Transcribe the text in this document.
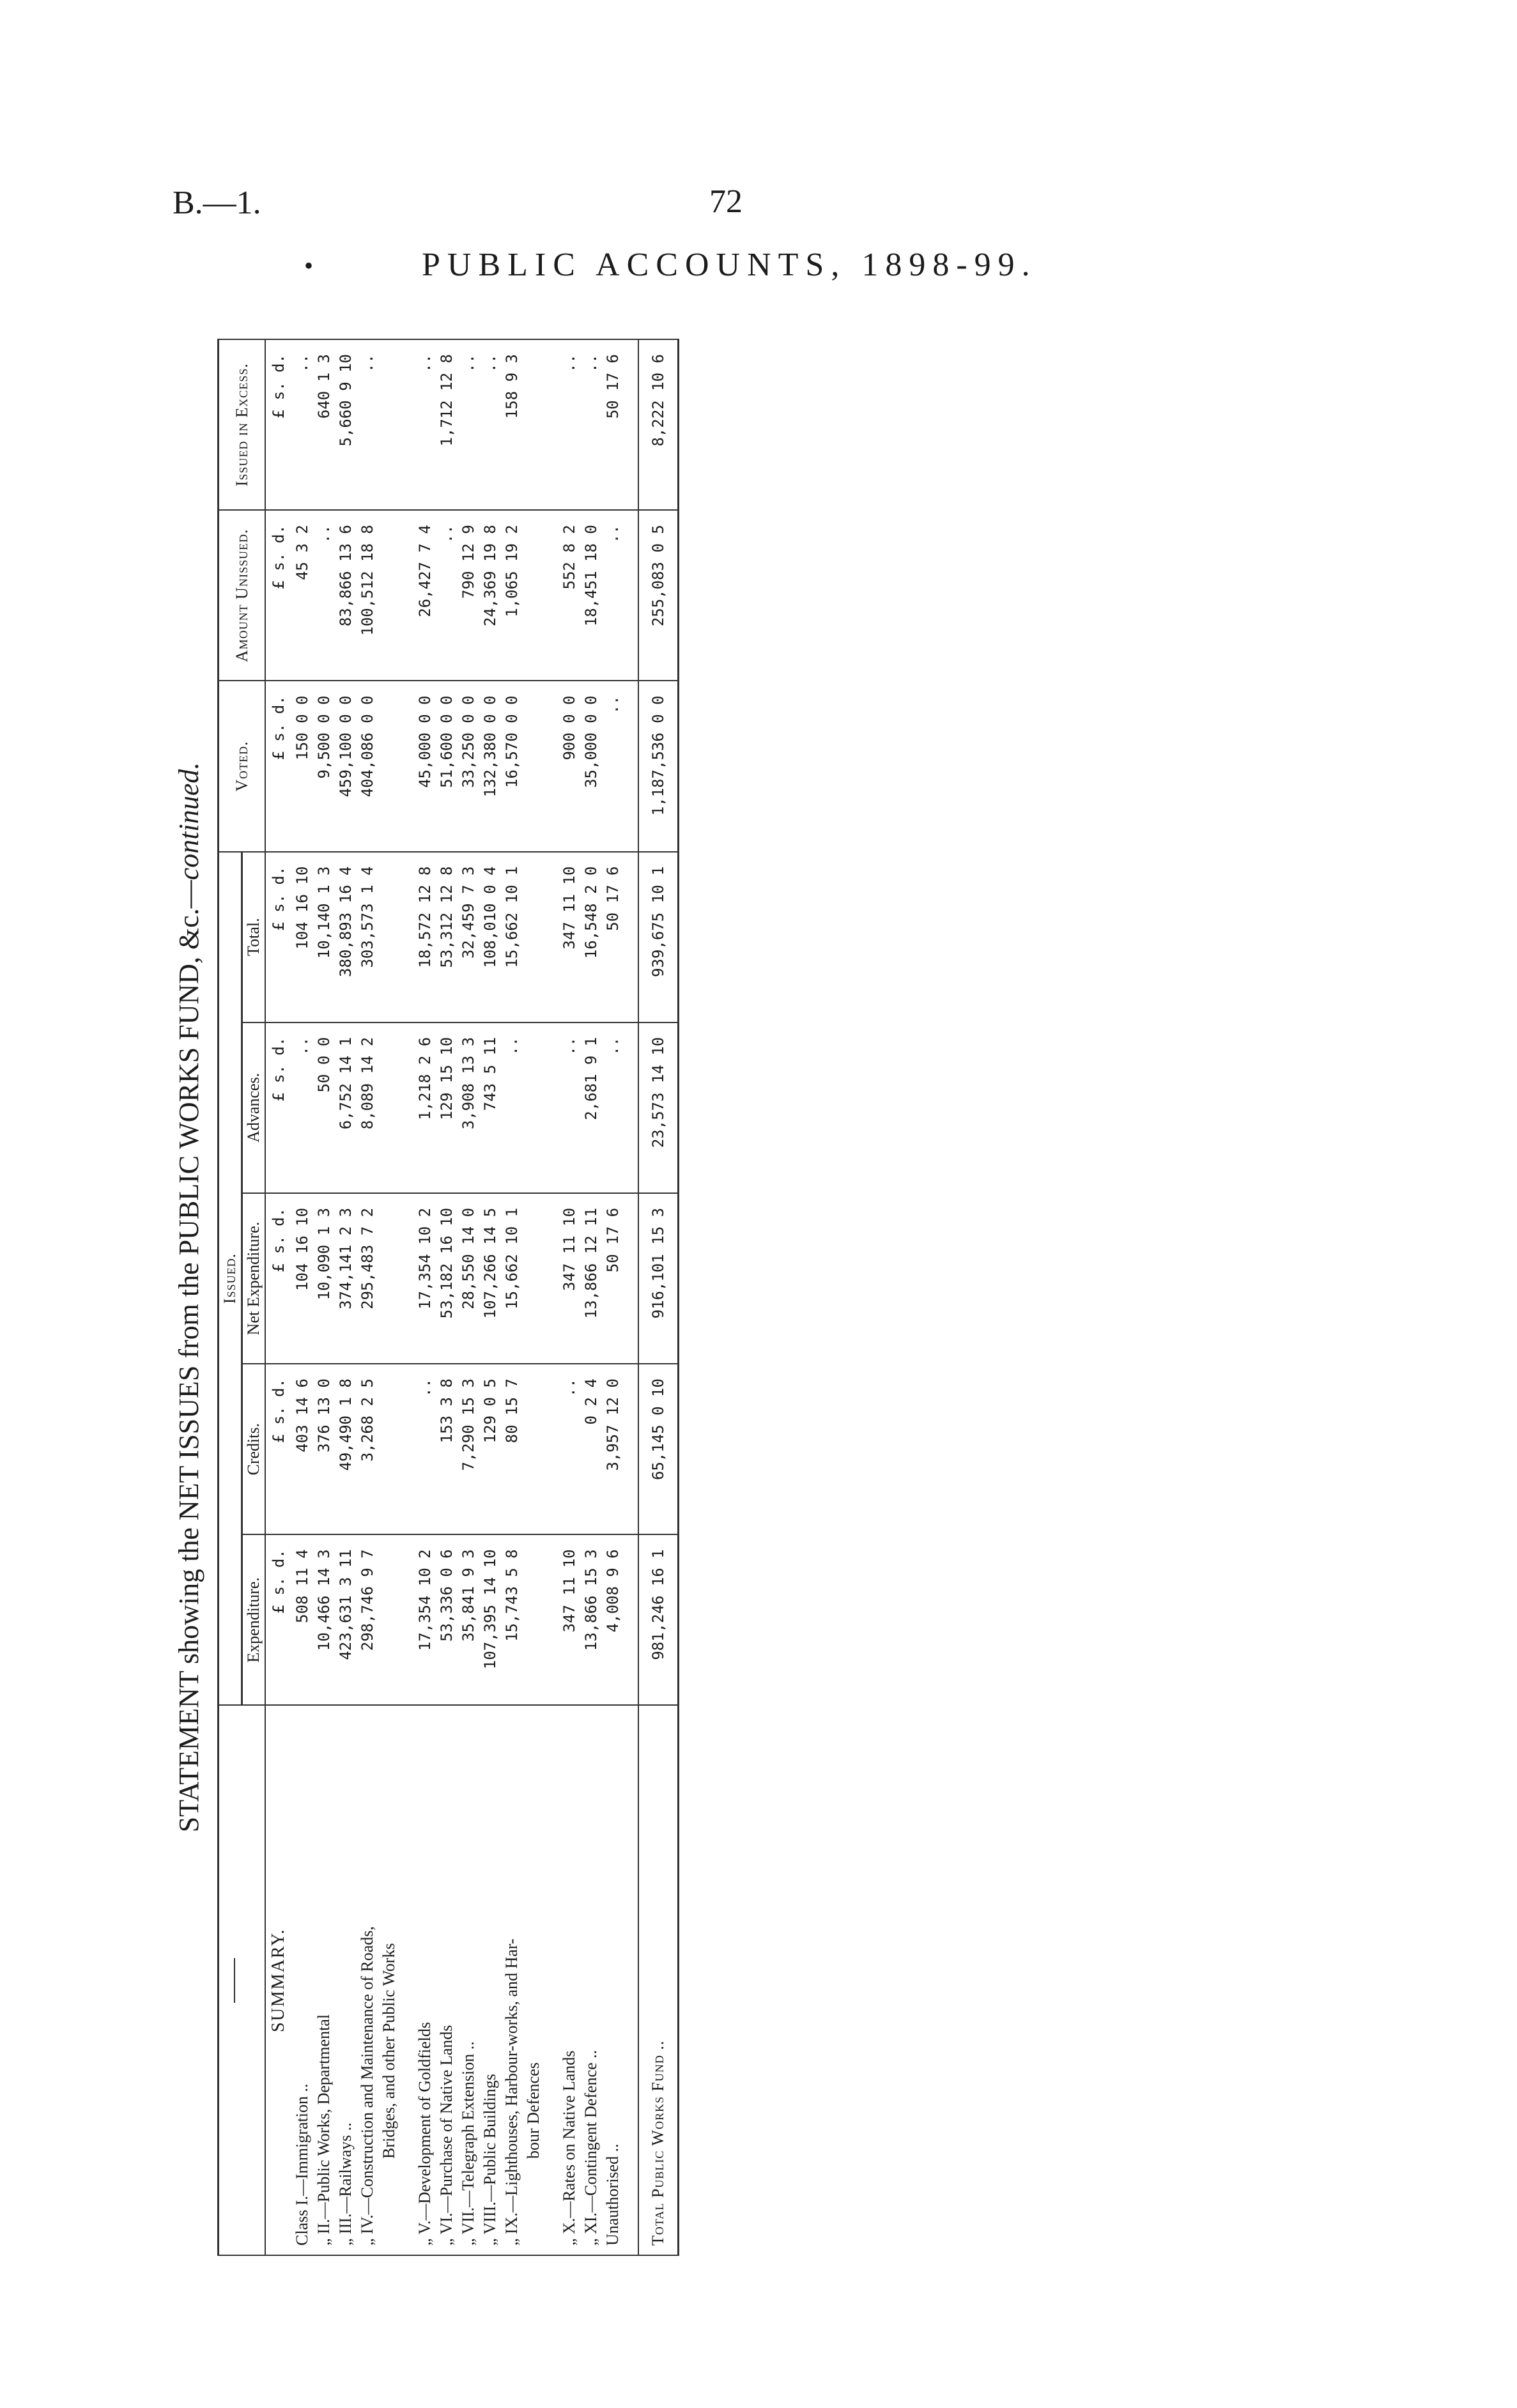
B.—1.	72
•	PUBLIC ACCOUNTS, 1898-99.
STATEMENT showing the NET ISSUES from the PUBLIC WORKS FUND, &c.—continued.
	Issued.					Voted.	Amount Unissued.	Issued in Excess.
	Expenditure.	Credits.	Net Expenditure.	Advances.	Total.			
SUMMARY.	£ s. d.	£ s. d.	£ s. d.	£ s. d.	£ s. d.	£ s. d.	£ s. d.	£ s. d.
Class I.—Immigration ..	508 11 4	403 14 6	104 16 10	..	104 16 10	150 0 0	45 3 2	..
„ II.—Public Works, Departmental	10,466 14 3	376 13 0	10,090 1 3	50 0 0	10,140 1 3	9,500 0 0	..	640 1 3
„ III.—Railways ..	423,631 3 11	49,490 1 8	374,141 2 3	6,752 14 1	380,893 16 4	459,100 0 0	83,866 13 6	5,660 9 10
„ IV.—Construction and Maintenance of Roads,	298,746 9 7	3,268 2 5	295,483 7 2	8,089 14 2	303,573 1 4	404,086 0 0	100,512 18 8	..
Bridges, and other Public Works								

„ V.—Development of Goldfields	17,354 10 2	..	17,354 10 2	1,218 2 6	18,572 12 8	45,000 0 0	26,427 7 4	..
„ VI.—Purchase of Native Lands	53,336 0 6	153 3 8	53,182 16 10	129 15 10	53,312 12 8	51,600 0 0	..	1,712 12 8
„ VII.—Telegraph Extension ..	35,841 9 3	7,290 15 3	28,550 14 0	3,908 13 3	32,459 7 3	33,250 0 0	790 12 9	..
„ VIII.—Public Buildings	107,395 14 10	129 0 5	107,266 14 5	743 5 11	108,010 0 4	132,380 0 0	24,369 19 8	..
„ IX.—Lighthouses, Harbour-works, and Har-	15,743 5 8	80 15 7	15,662 10 1	..	15,662 10 1	16,570 0 0	1,065 19 2	158 9 3
bour Defences								

„ X.—Rates on Native Lands	347 11 10	..	347 11 10	..	347 11 10	900 0 0	552 8 2	..
„ XI.—Contingent Defence ..	13,866 15 3	0 2 4	13,866 12 11	2,681 9 1	16,548 2 0	35,000 0 0	18,451 18 0	..
Unauthorised ..	4,008 9 6	3,957 12 0	50 17 6	..	50 17 6	..	..	50 17 6

Total Public Works Fund ..	981,246 16 1	65,145 0 10	916,101 15 3	23,573 14 10	939,675 10 1	1,187,536 0 0	255,083 0 5	8,222 10 6
